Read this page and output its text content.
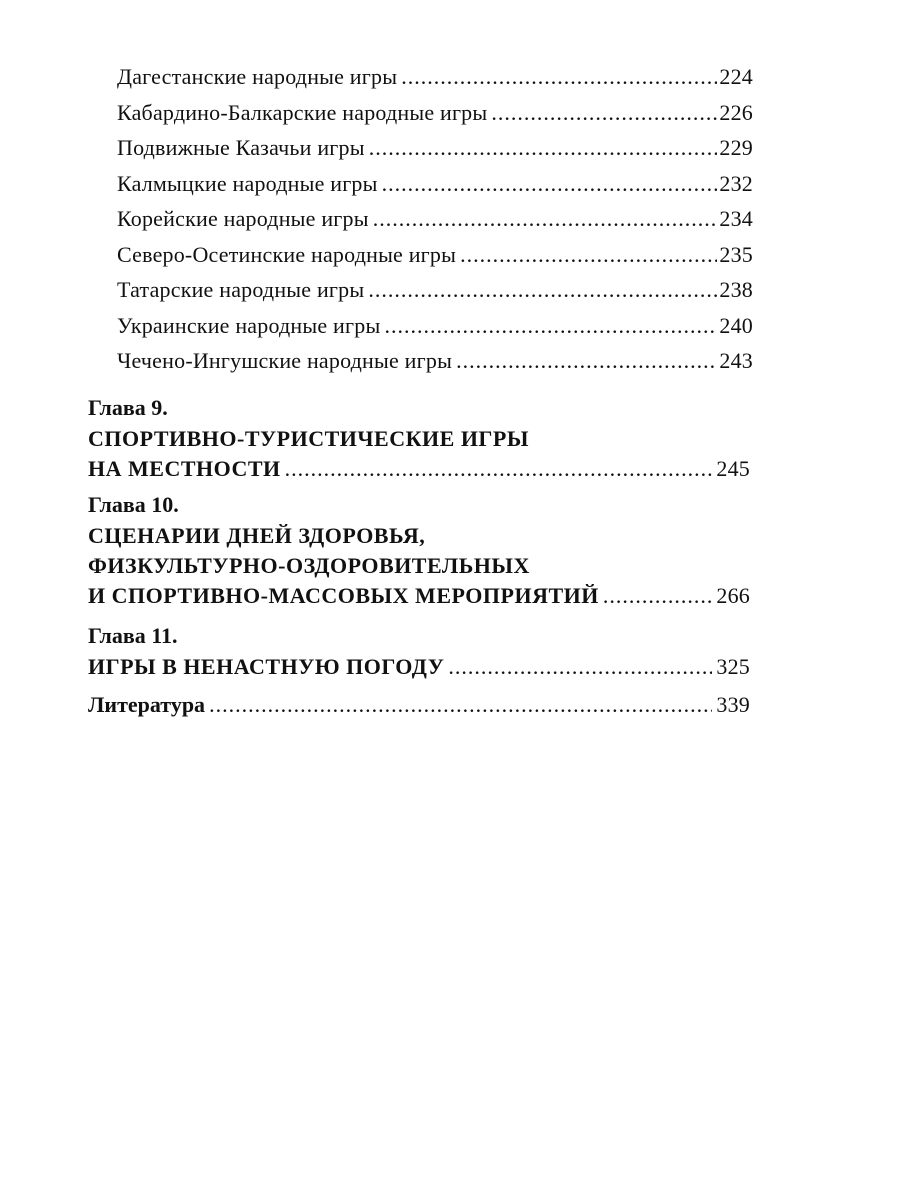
Дагестанские народные игры .....	224
Кабардино-Балкарские народные игры .....	226
Подвижные Казачьи игры .....	229
Калмыцкие народные игры .....	232
Корейские народные игры .....	234
Северо-Осетинские народные игры .....	235
Татарские народные игры .....	238
Украинские народные игры .....	240
Чечено-Ингушские народные игры .....	243
Глава 9.
СПОРТИВНО-ТУРИСТИЧЕСКИЕ ИГРЫ
НА МЕСТНОСТИ .....	245
Глава 10.
СЦЕНАРИИ ДНЕЙ ЗДОРОВЬЯ,
ФИЗКУЛЬТУРНО-ОЗДОРОВИТЕЛЬНЫХ
И СПОРТИВНО-МАССОВЫХ МЕРОПРИЯТИЙ .....	266
Глава 11.
ИГРЫ В НЕНАСТНУЮ ПОГОДУ .....	325
Литература .....	339
